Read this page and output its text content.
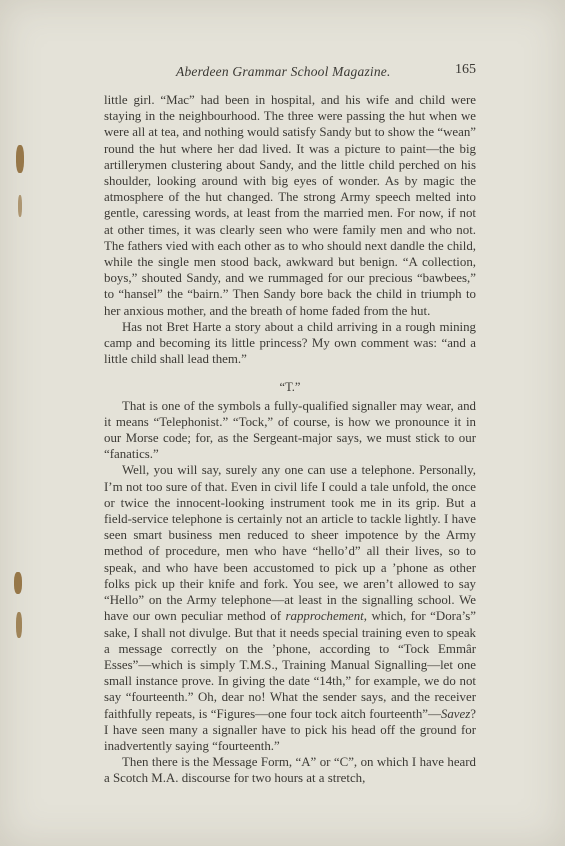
Aberdeen Grammar School Magazine.	165

little girl. “Mac” had been in hospital, and his wife and child were staying in the neighbourhood. The three were passing the hut when we were all at tea, and nothing would satisfy Sandy but to show the “wean” round the hut where her dad lived. It was a picture to paint—the big artillerymen clustering about Sandy, and the little child perched on his shoulder, looking around with big eyes of wonder. As by magic the atmosphere of the hut changed. The strong Army speech melted into gentle, caressing words, at least from the married men. For now, if not at other times, it was clearly seen who were family men and who not. The fathers vied with each other as to who should next dandle the child, while the single men stood back, awkward but benign. “A collection, boys,” shouted Sandy, and we rummaged for our precious “bawbees,” to “hansel” the “bairn.” Then Sandy bore back the child in triumph to her anxious mother, and the breath of home faded from the hut.

Has not Bret Harte a story about a child arriving in a rough mining camp and becoming its little princess? My own comment was: “and a little child shall lead them.”

“T.”

That is one of the symbols a fully-qualified signaller may wear, and it means “Telephonist.” “Tock,” of course, is how we pronounce it in our Morse code; for, as the Sergeant-major says, we must stick to our “fanatics.”

Well, you will say, surely any one can use a telephone. Personally, I’m not too sure of that. Even in civil life I could a tale unfold, the once or twice the innocent-looking instrument took me in its grip. But a field-service telephone is certainly not an article to tackle lightly. I have seen smart business men reduced to sheer impotence by the Army method of procedure, men who have “hello’d” all their lives, so to speak, and who have been accustomed to pick up a ’phone as other folks pick up their knife and fork. You see, we aren’t allowed to say “Hello” on the Army telephone—at least in the signalling school. We have our own peculiar method of rapprochement, which, for “Dora’s” sake, I shall not divulge. But that it needs special training even to speak a message correctly on the ’phone, according to “Tock Emmâr Esses”—which is simply T.M.S., Training Manual Signalling—let one small instance prove. In giving the date “14th,” for example, we do not say “fourteenth.” Oh, dear no! What the sender says, and the receiver faithfully repeats, is “Figures—one four tock aitch fourteenth”—Savez? I have seen many a signaller have to pick his head off the ground for inadvertently saying “fourteenth.”

Then there is the Message Form, “A” or “C”, on which I have heard a Scotch M.A. discourse for two hours at a stretch,
